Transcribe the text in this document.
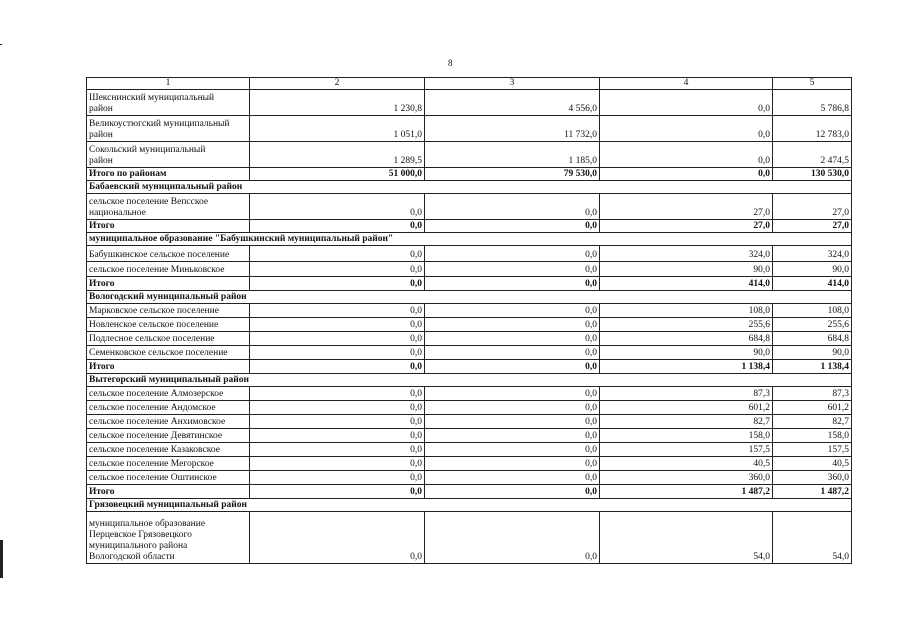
8
1	2	3	4	5
Шекснинский муниципальный
район	1 230,8	4 556,0	0,0	5 786,8
Великоустюгский муниципальный
район	1 051,0	11 732,0	0,0	12 783,0
Сокольский муниципальный
район	1 289,5	1 185,0	0,0	2 474,5
Итого по районам	51 000,0	79 530,0	0,0	130 530,0
Бабаевский муниципальный район				
сельское поселение Вепсское
национальное	0,0	0,0	27,0	27,0
Итого	0,0	0,0	27,0	27,0
муниципальное образование "Бабушкинский муниципальный район"				
Бабушкинское сельское поселение	0,0	0,0	324,0	324,0
сельское поселение Миньковское	0,0	0,0	90,0	90,0
Итого	0,0	0,0	414,0	414,0
Вологодский муниципальный район				
Марковское сельское поселение	0,0	0,0	108,0	108,0
Новленское сельское поселение	0,0	0,0	255,6	255,6
Подлесное сельское поселение	0,0	0,0	684,8	684,8
Семенковское сельское поселение	0,0	0,0	90,0	90,0
Итого	0,0	0,0	1 138,4	1 138,4
Вытегорский муниципальный район				
сельское поселение Алмозерское	0,0	0,0	87,3	87,3
сельское поселение Андомское	0,0	0,0	601,2	601,2
сельское поселение Анхимовское	0,0	0,0	82,7	82,7
сельское поселение Девятинское	0,0	0,0	158,0	158,0
сельское поселение Казаковское	0,0	0,0	157,5	157,5
сельское поселение Мегорское	0,0	0,0	40,5	40,5
сельское поселение Оштинское	0,0	0,0	360,0	360,0
Итого	0,0	0,0	1 487,2	1 487,2
Грязовецкий муниципальный район				
муниципальное образование
Перцевское Грязовецкого
муниципального района
Вологодской области	0,0	0,0	54,0	54,0
